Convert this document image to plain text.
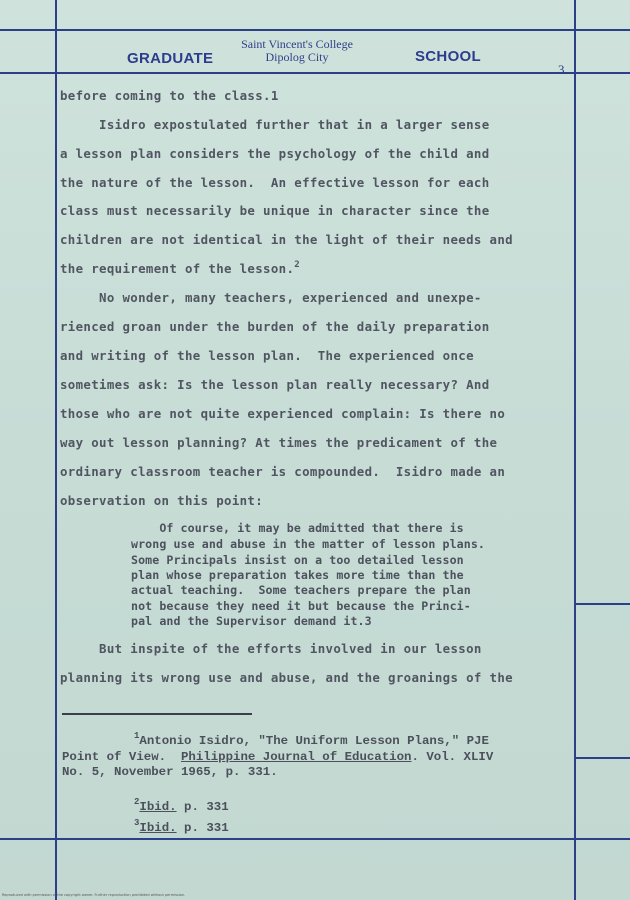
GRADUATE
Saint Vincent's College
Dipolog City	SCHOOL
3
before coming to the class.1
Isidro expostulated further that in a larger sense
a lesson plan considers the psychology of the child and
the nature of the lesson.  An effective lesson for each
class must necessarily be unique in character since the
children are not identical in the light of their needs and
the requirement of the lesson.$^2$
No wonder, many teachers, experienced and unexpe-
rienced groan under the burden of the daily preparation
and writing of the lesson plan.  The experienced once
sometimes ask: Is the lesson plan really necessary? And
those who are not quite experienced complain: Is there no
way out lesson planning? At times the predicament of the
ordinary classroom teacher is compounded.  Isidro made an
observation on this point:
Of course, it may be admitted that there is
wrong use and abuse in the matter of lesson plans.
Some Principals insist on a too detailed lesson
plan whose preparation takes more time than the
actual teaching.  Some teachers prepare the plan
not because they need it but because the Princi-
pal and the Supervisor demand it.3
But inspite of the efforts involved in our lesson
planning its wrong use and abuse, and the groanings of the
$^1$Antonio Isidro, "The Uniform Lesson Plans," PJE
Point of View.  Philippine Journal of Education. Vol. XLIV
No. 5, November 1965, p. 331.
$^2$Ibid. p. 331
$^3$Ibid. p. 331
Reproduced with permission of the copyright owner. Further reproduction prohibited without permission.
